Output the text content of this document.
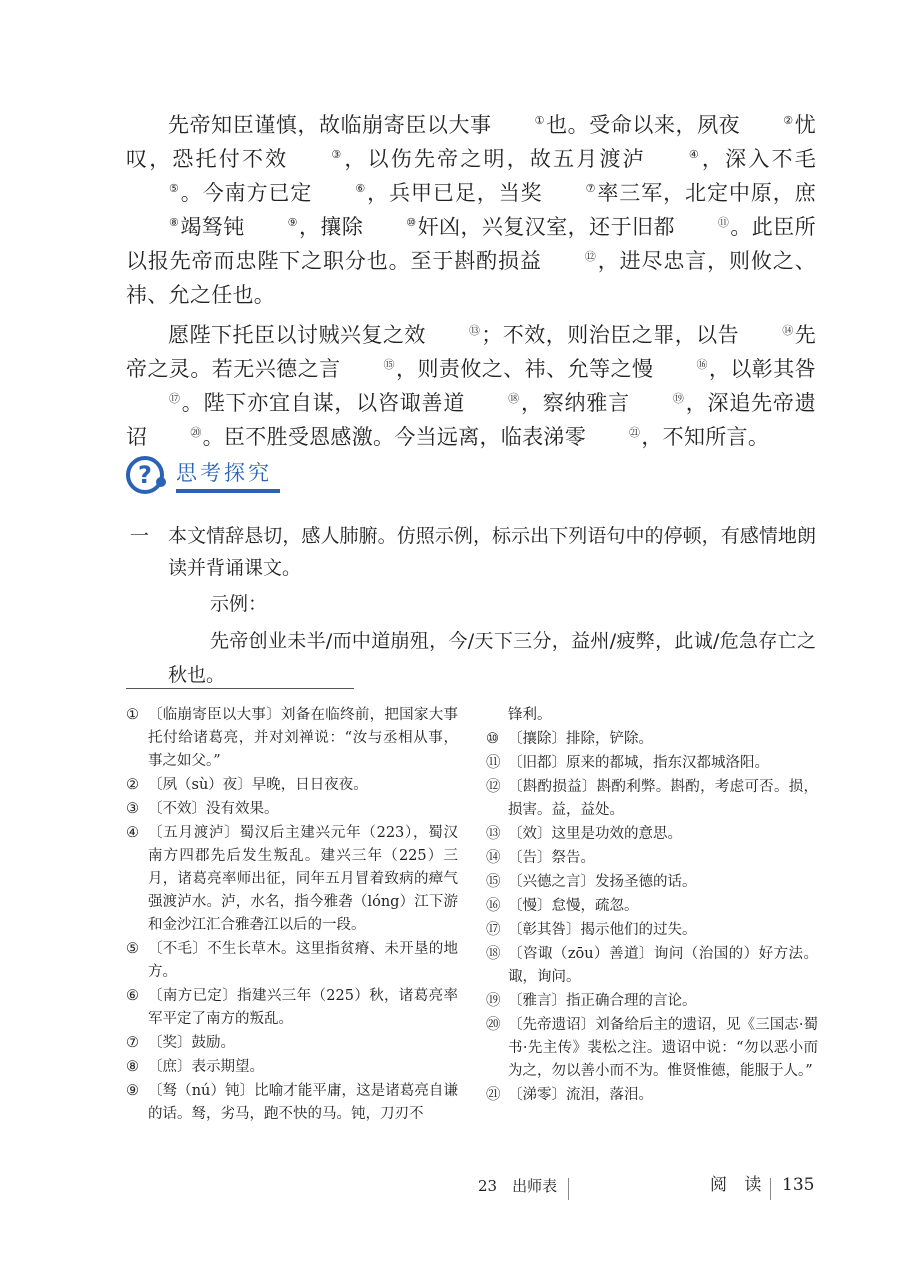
先帝知臣谨慎，故临崩寄臣以大事	①也。受命以来，夙夜	②忧叹，恐托付不效	③，以伤先帝之明，故五月渡泸	④，深入不毛⑤。今南方已定	⑥，兵甲已足，当奖	⑦率三军，北定中原，庶⑧竭驽钝	⑨，攘除	⑩奸凶，兴复汉室，还于旧都	⑪。此臣所以报先帝而忠陛下之职分也。至于斟酌损益	⑫，进尽忠言，则攸之、祎、允之任也。

愿陛下托臣以讨贼兴复之效	⑬；不效，则治臣之罪，以告	⑭先帝之灵。若无兴德之言	⑮，则责攸之、祎、允等之慢	⑯，以彰其咎⑰。陛下亦宜自谋，以咨诹善道	⑱，察纳雅言	⑲，深追先帝遗诏	⑳。臣不胜受恩感激。今当远离，临表涕零	㉑，不知所言。

?	思考探究
一 本文情辞恳切，感人肺腑。仿照示例，标示出下列语句中的停顿，有感情地朗读并背诵课文。

示例：

先帝创业未半/而中道崩殂，今/天下三分，益州/疲弊，此诚/危急存亡之秋也。

① 〔临崩寄臣以大事〕刘备在临终前，把国家大事托付给诸葛亮，并对刘禅说：“汝与丞相从事，事之如父。”
② 〔夙（sù）夜〕早晚，日日夜夜。
③ 〔不效〕没有效果。
④ 〔五月渡泸〕蜀汉后主建兴元年（223），蜀汉南方四郡先后发生叛乱。建兴三年（225）三月，诸葛亮率师出征，同年五月冒着致病的瘴气强渡泸水。泸，水名，指今雅砻（lóng）江下游和金沙江汇合雅砻江以后的一段。
⑤ 〔不毛〕不生长草木。这里指贫瘠、未开垦的地方。
⑥ 〔南方已定〕指建兴三年（225）秋，诸葛亮率军平定了南方的叛乱。
⑦ 〔奖〕鼓励。
⑧ 〔庶〕表示期望。
⑨ 〔驽（nú）钝〕比喻才能平庸，这是诸葛亮自谦的话。驽，劣马，跑不快的马。钝，刀刃不
锋利。
⑩ 〔攘除〕排除，铲除。
⑪ 〔旧都〕原来的都城，指东汉都城洛阳。
⑫ 〔斟酌损益〕斟酌利弊。斟酌，考虑可否。损，损害。益，益处。
⑬ 〔效〕这里是功效的意思。
⑭ 〔告〕祭告。
⑮ 〔兴德之言〕发扬圣德的话。
⑯ 〔慢〕怠慢，疏忽。
⑰ 〔彰其咎〕揭示他们的过失。
⑱ 〔咨诹（zōu）善道〕询问（治国的）好方法。诹，询问。
⑲ 〔雅言〕指正确合理的言论。
⑳ 〔先帝遗诏〕刘备给后主的遗诏，见《三国志·蜀书·先主传》裴松之注。遗诏中说：“勿以恶小而为之，勿以善小而不为。惟贤惟德，能服于人。”
㉑ 〔涕零〕流泪，落泪。
23　出师表	阅 读 135
